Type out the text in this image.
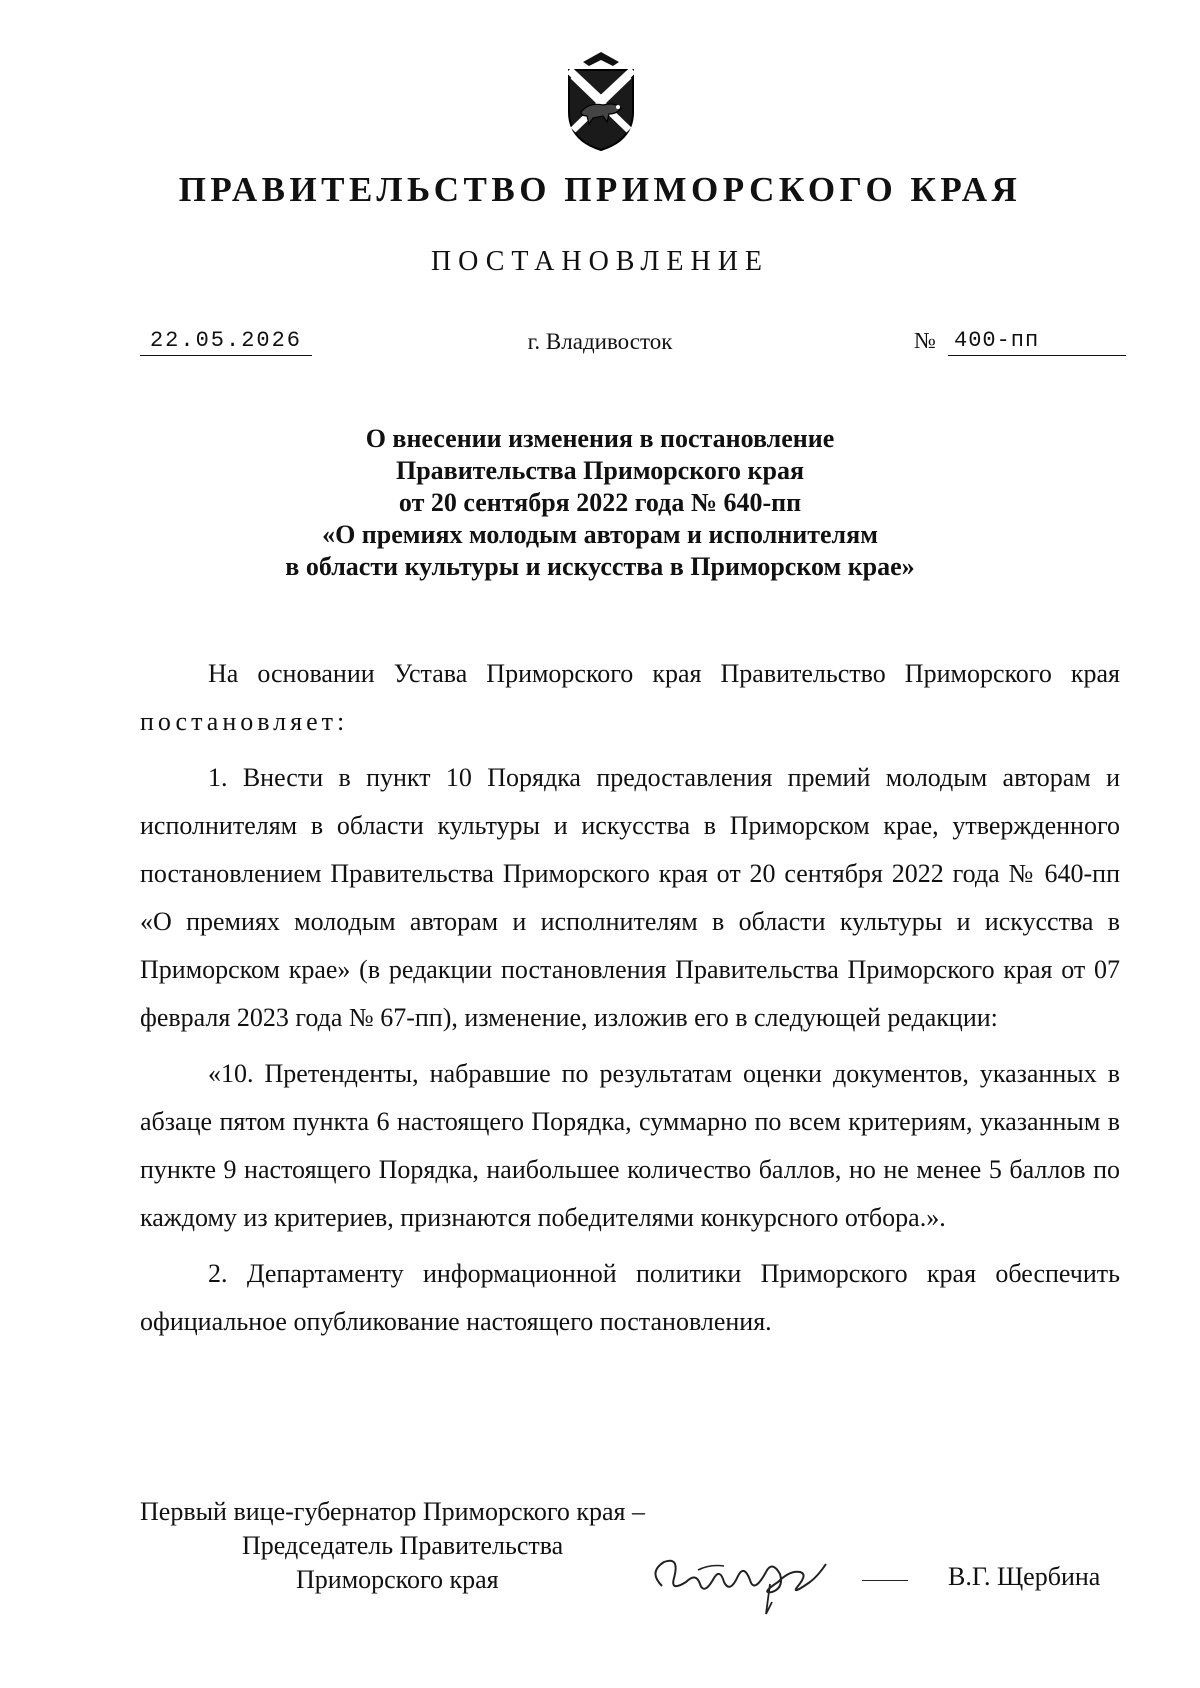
ПРАВИТЕЛЬСТВО ПРИМОРСКОГО КРАЯ
ПОСТАНОВЛЕНИЕ
22.05.2026	г. Владивосток	№ 400-пп
О внесении изменения в постановление
Правительства Приморского края
от 20 сентября 2022 года № 640-пп
«О премиях молодым авторам и исполнителям
в области культуры и искусства в Приморском крае»

На основании Устава Приморского края Правительство Приморского края постановляет:

1. Внести в пункт 10 Порядка предоставления премий молодым авторам и исполнителям в области культуры и искусства в Приморском крае, утвержденного постановлением Правительства Приморского края от 20 сентября 2022 года № 640-пп «О премиях молодым авторам и исполнителям в области культуры и искусства в Приморском крае» (в редакции постановления Правительства Приморского края от 07 февраля 2023 года № 67-пп), изменение, изложив его в следующей редакции:

«10. Претенденты, набравшие по результатам оценки документов, указанных в абзаце пятом пункта 6 настоящего Порядка, суммарно по всем критериям, указанным в пункте 9 настоящего Порядка, наибольшее количество баллов, но не менее 5 баллов по каждому из критериев, признаются победителями конкурсного отбора.».

2. Департаменту информационной политики Приморского края обеспечить официальное опубликование настоящего постановления.

Первый вице-губернатор Приморского края –
Председатель Правительства
Приморского края	В.Г. Щербина
